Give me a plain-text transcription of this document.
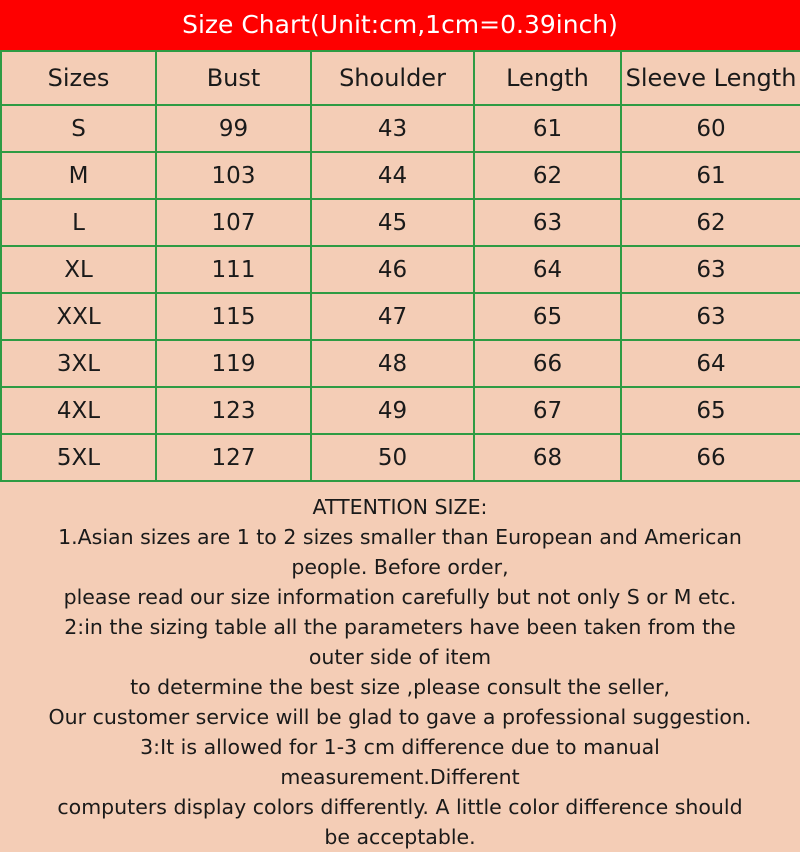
Size Chart(Unit:cm,1cm=0.39inch)
Sizes	Bust	Shoulder	Length	Sleeve Length
S	99	43	61	60
M	103	44	62	61
L	107	45	63	62
XL	111	46	64	63
XXL	115	47	65	63
3XL	119	48	66	64
4XL	123	49	67	65
5XL	127	50	68	66
ATTENTION SIZE:
1.Asian sizes are 1 to 2 sizes smaller than European and American
people. Before order,
please read our size information carefully but not only S or M etc.
2:in the sizing table all the parameters have been taken from the
outer side of item
to determine the best size ,please consult the seller,
Our customer service will be glad to gave a professional suggestion.
3:It is allowed for 1-3 cm difference due to manual
measurement.Different
computers display colors differently. A little color difference should
be acceptable.
